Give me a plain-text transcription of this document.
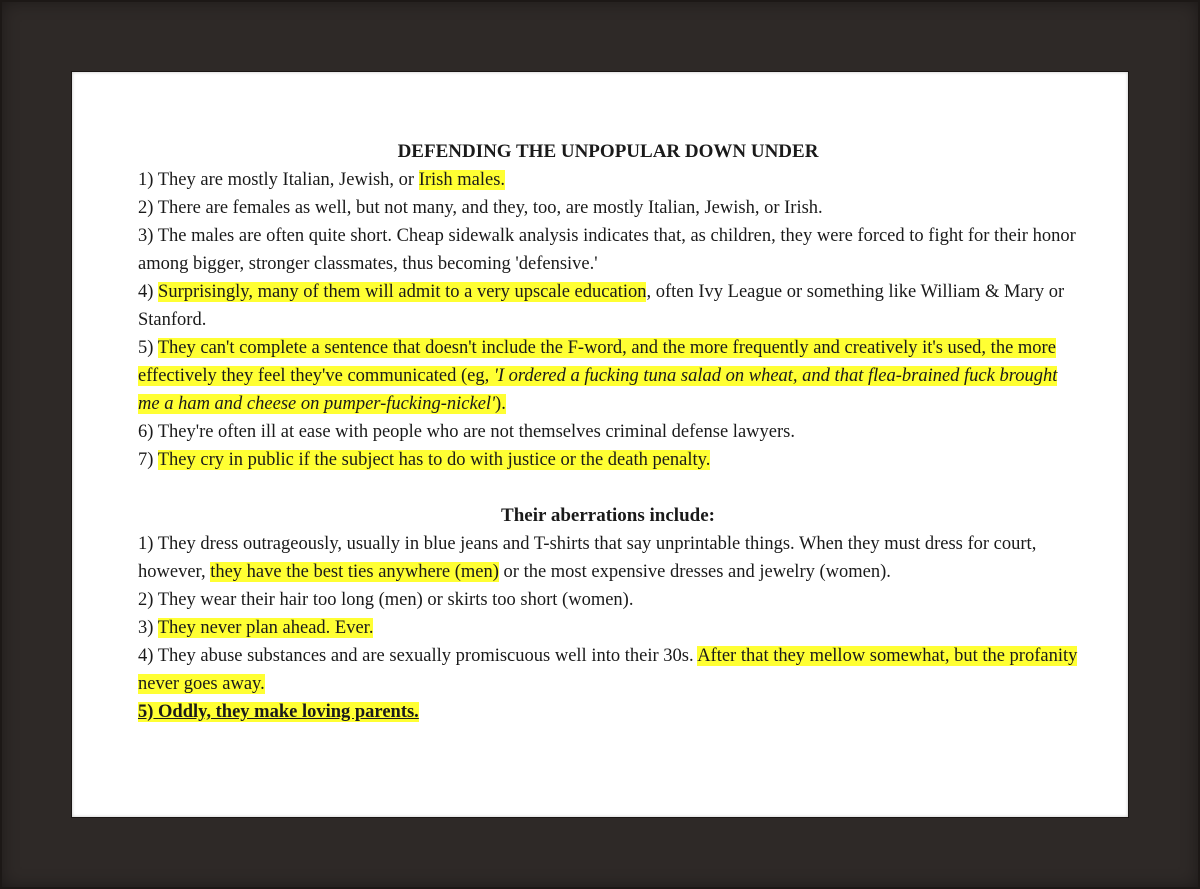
DEFENDING THE UNPOPULAR DOWN UNDER

1) They are mostly Italian, Jewish, or Irish males.

2) There are females as well, but not many, and they, too, are mostly Italian, Jewish, or Irish.

3) The males are often quite short. Cheap sidewalk analysis indicates that, as children, they were forced to fight for their honor among bigger, stronger classmates, thus becoming 'defensive.'

4) Surprisingly, many of them will admit to a very upscale education, often Ivy League or something like William & Mary or Stanford.

5) They can't complete a sentence that doesn't include the F-word, and the more frequently and creatively it's used, the more effectively they feel they've communicated (eg, 'I ordered a fucking tuna salad on wheat, and that flea-brained fuck brought me a ham and cheese on pumper-fucking-nickel').

6) They're often ill at ease with people who are not themselves criminal defense lawyers.

7) They cry in public if the subject has to do with justice or the death penalty.

Their aberrations include:

1) They dress outrageously, usually in blue jeans and T-shirts that say unprintable things. When they must dress for court, however, they have the best ties anywhere (men) or the most expensive dresses and jewelry (women).

2) They wear their hair too long (men) or skirts too short (women).

3) They never plan ahead. Ever.

4) They abuse substances and are sexually promiscuous well into their 30s. After that they mellow somewhat, but the profanity never goes away.

5) Oddly, they make loving parents.
